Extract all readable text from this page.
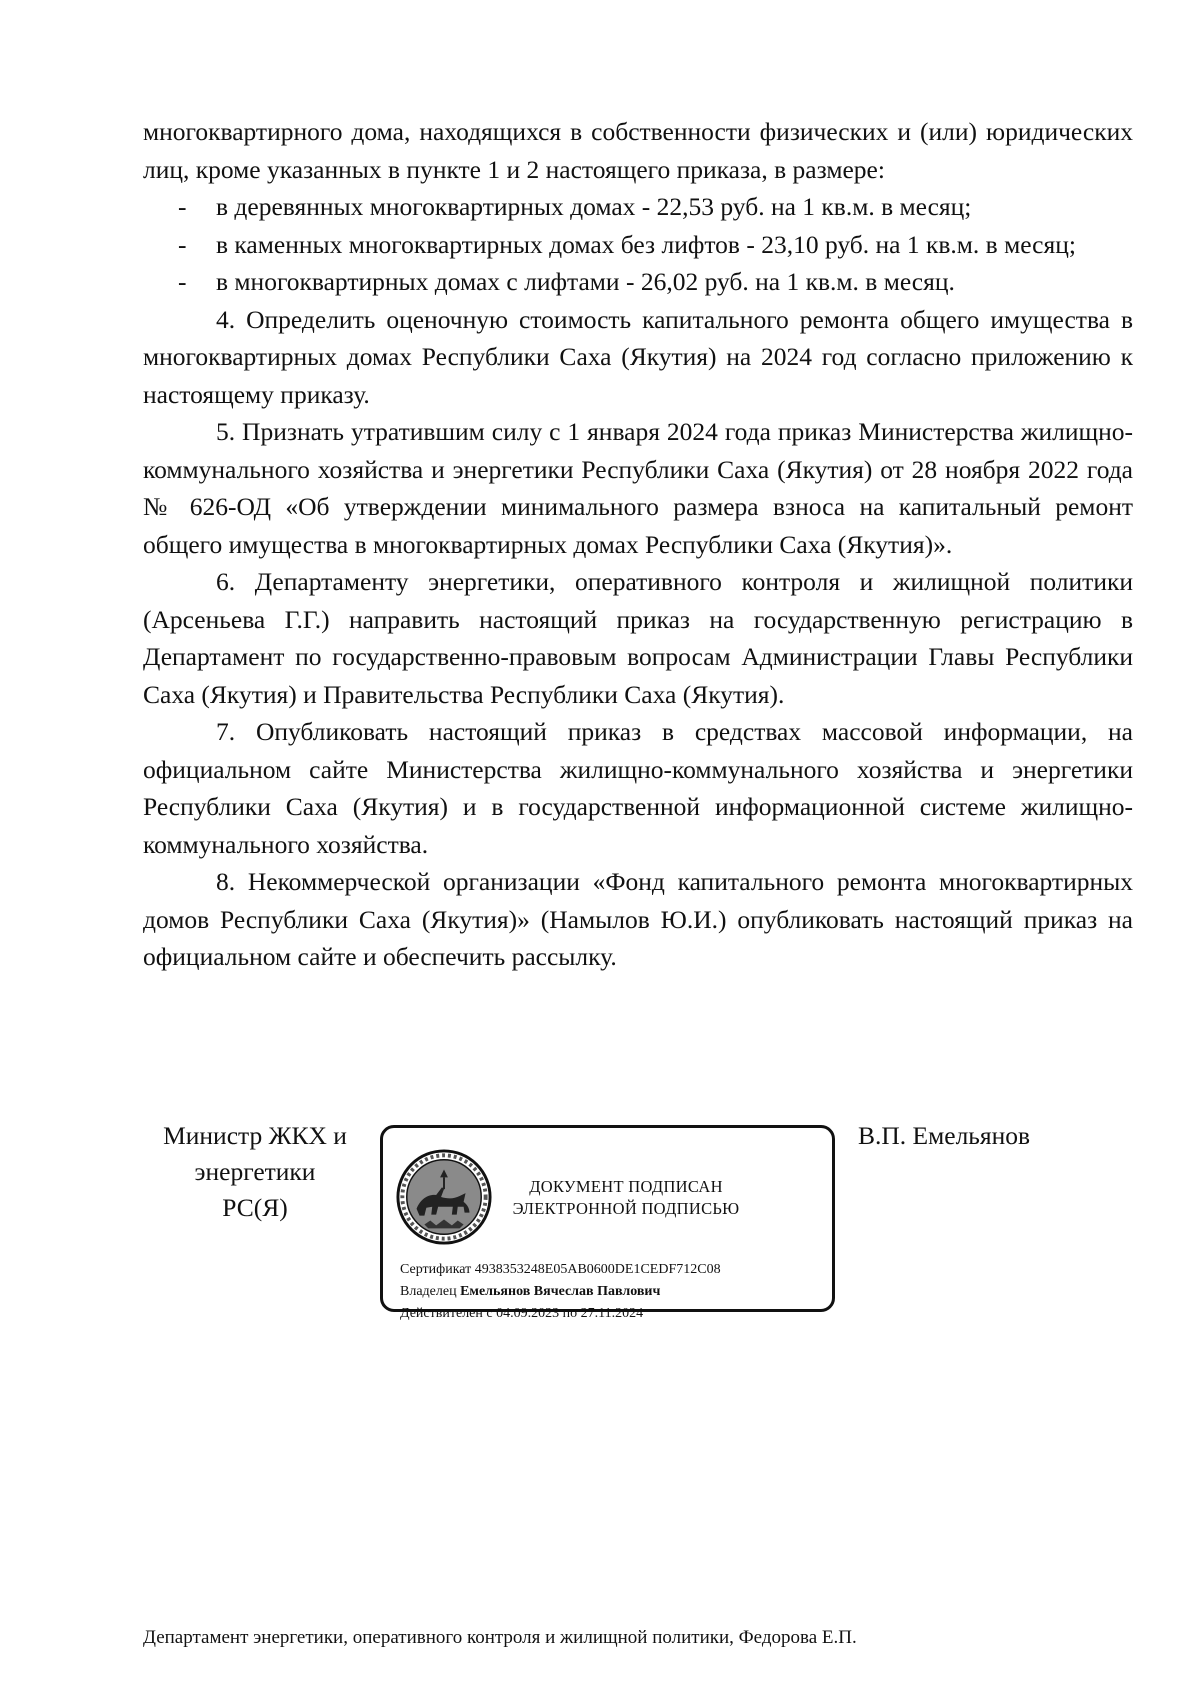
многоквартирного дома, находящихся в собственности физических и (или) юридических лиц, кроме указанных в пункте 1 и 2 настоящего приказа, в размере:

- в деревянных многоквартирных домах - 22,53 руб. на 1 кв.м. в месяц;
- в каменных многоквартирных домах без лифтов - 23,10 руб. на 1 кв.м. в месяц;
- в многоквартирных домах с лифтами - 26,02 руб. на 1 кв.м. в месяц.

4. Определить оценочную стоимость капитального ремонта общего имущества в многоквартирных домах Республики Саха (Якутия) на 2024 год согласно приложению к настоящему приказу.

5. Признать утратившим силу с 1 января 2024 года приказ Министерства жилищно-коммунального хозяйства и энергетики Республики Саха (Якутия) от 28 ноября 2022 года № 626-ОД «Об утверждении минимального размера взноса на капитальный ремонт общего имущества в многоквартирных домах Республики Саха (Якутия)».

6. Департаменту энергетики, оперативного контроля и жилищной политики (Арсеньева Г.Г.) направить настоящий приказ на государственную регистрацию в Департамент по государственно-правовым вопросам Администрации Главы Республики Саха (Якутия) и Правительства Республики Саха (Якутия).

7. Опубликовать настоящий приказ в средствах массовой информации, на официальном сайте Министерства жилищно-коммунального хозяйства и энергетики Республики Саха (Якутия) и в государственной информационной системе жилищно-коммунального хозяйства.

8. Некоммерческой организации «Фонд капитального ремонта многоквартирных домов Республики Саха (Якутия)» (Намылов Ю.И.) опубликовать настоящий приказ на официальном сайте и обеспечить рассылку.

Министр ЖКХ и
энергетики
РС(Я)
ДОКУМЕНТ ПОДПИСАН
ЭЛЕКТРОННОЙ ПОДПИСЬЮ
Сертификат 4938353248E05AB0600DE1CEDF712C08
Владелец Емельянов Вячеслав Павлович
Действителен с 04.09.2023 по 27.11.2024
В.П. Емельянов
Департамент энергетики, оперативного контроля и жилищной политики, Федорова Е.П.
